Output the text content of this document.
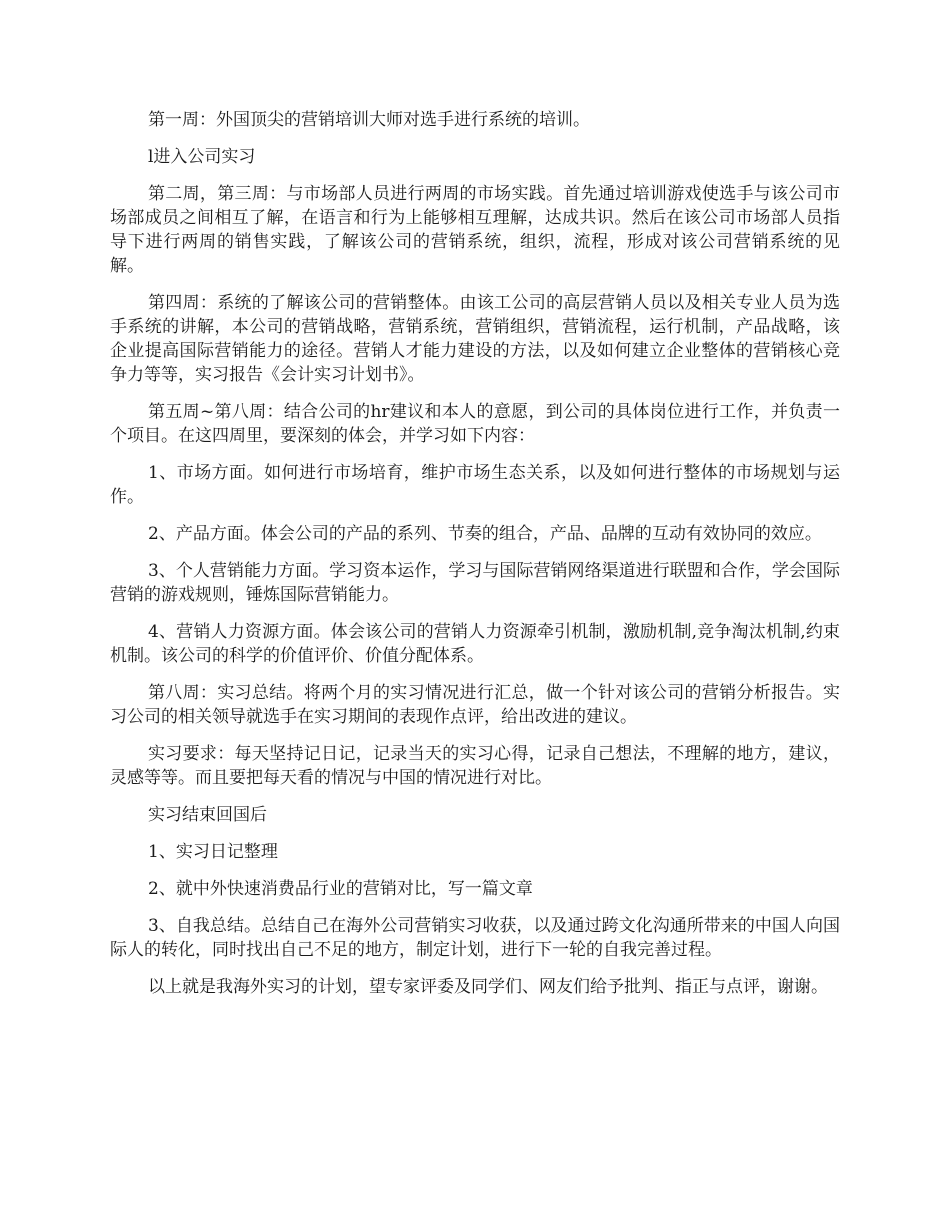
第一周：外国顶尖的营销培训大师对选手进行系统的培训。

l进入公司实习

第二周，第三周：与市场部人员进行两周的市场实践。首先通过培训游戏使选手与该公司市场部成员之间相互了解，在语言和行为上能够相互理解，达成共识。然后在该公司市场部人员指导下进行两周的销售实践，了解该公司的营销系统，组织，流程，形成对该公司营销系统的见解。

第四周：系统的了解该公司的营销整体。由该工公司的高层营销人员以及相关专业人员为选手系统的讲解，本公司的营销战略，营销系统，营销组织，营销流程，运行机制，产品战略，该企业提高国际营销能力的途径。营销人才能力建设的方法，以及如何建立企业整体的营销核心竞争力等等，实习报告《会计实习计划书》。

第五周~第八周：结合公司的hr建议和本人的意愿，到公司的具体岗位进行工作，并负责一个项目。在这四周里，要深刻的体会，并学习如下内容：

1、市场方面。如何进行市场培育，维护市场生态关系，以及如何进行整体的市场规划与运作。

2、产品方面。体会公司的产品的系列、节奏的组合，产品、品牌的互动有效协同的效应。

3、个人营销能力方面。学习资本运作，学习与国际营销网络渠道进行联盟和合作，学会国际营销的游戏规则，锤炼国际营销能力。

4、营销人力资源方面。体会该公司的营销人力资源牵引机制，激励机制,竞争淘汰机制,约束机制。该公司的科学的价值评价、价值分配体系。

第八周：实习总结。将两个月的实习情况进行汇总，做一个针对该公司的营销分析报告。实习公司的相关领导就选手在实习期间的表现作点评，给出改进的建议。

实习要求：每天坚持记日记，记录当天的实习心得，记录自己想法，不理解的地方，建议，灵感等等。而且要把每天看的情况与中国的情况进行对比。

实习结束回国后

1、实习日记整理

2、就中外快速消费品行业的营销对比，写一篇文章

3、自我总结。总结自己在海外公司营销实习收获，以及通过跨文化沟通所带来的中国人向国际人的转化，同时找出自己不足的地方，制定计划，进行下一轮的自我完善过程。

以上就是我海外实习的计划，望专家评委及同学们、网友们给予批判、指正与点评，谢谢。
